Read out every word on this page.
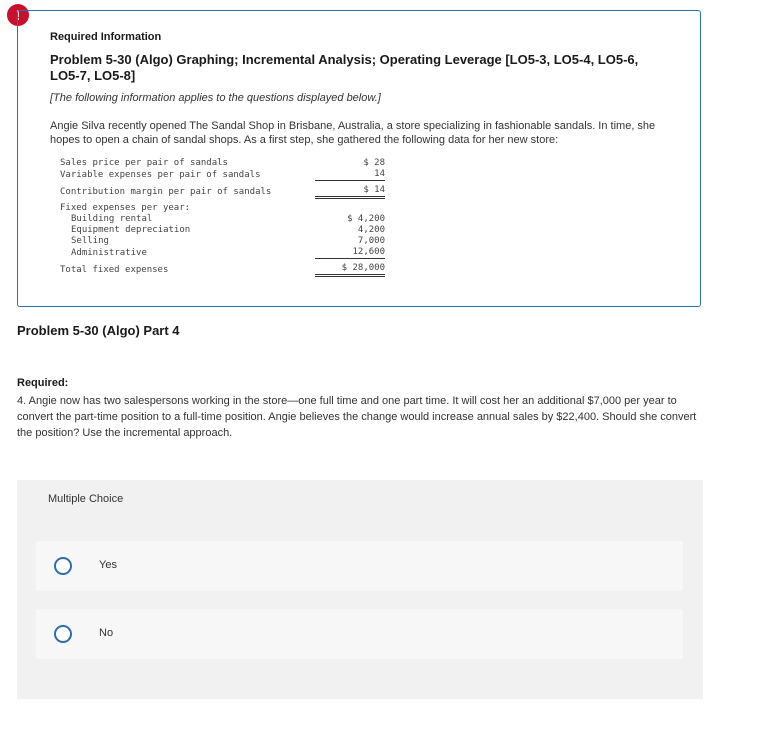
!
Required Information
Problem 5-30 (Algo) Graphing; Incremental Analysis; Operating Leverage [LO5-3, LO5-4, LO5-6, LO5-7, LO5-8]
[The following information applies to the questions displayed below.]
Angie Silva recently opened The Sandal Shop in Brisbane, Australia, a store specializing in fashionable sandals. In time, she hopes to open a chain of sandal shops. As a first step, she gathered the following data for her new store:
Sales price per pair of sandals	$ 28
Variable expenses per pair of sandals	14

Contribution margin per pair of sandals	$ 14

Fixed expenses per year:	
Building rental	$ 4,200
Equipment depreciation	4,200
Selling	7,000
Administrative	12,600

Total fixed expenses	$ 28,000
Problem 5-30 (Algo) Part 4
Required:
4. Angie now has two salespersons working in the store—one full time and one part time. It will cost her an additional $7,000 per year to convert the part-time position to a full-time position. Angie believes the change would increase annual sales by $22,400. Should she convert the position? Use the incremental approach.
Multiple Choice
Yes
No
